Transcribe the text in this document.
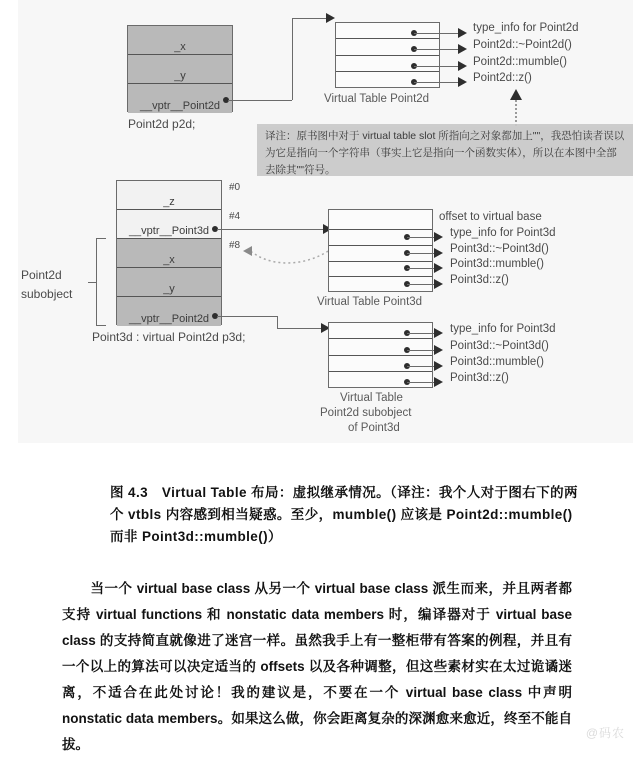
_x
_y
__vptr__Point2d
Point2d p2d;
type_info for Point2d
Point2d::~Point2d()
Point2d::mumble()
Point2d::z()
Virtual Table Point2d
译注：原书图中对于 virtual table slot 所指向之对象都加上""，我恐怕读者误以为它是指向一个字符串（事实上它是指向一个函数实体），所以在本图中全部去除其""符号。
_z
__vptr__Point3d
_x
_y
__vptr__Point2d
Point3d : virtual Point2d p3d;
#0
#4
#8
Point2d
subobject
offset to virtual base
type_info for Point3d
Point3d::~Point3d()
Point3d::mumble()
Point3d::z()
Virtual Table Point3d
type_info for Point3d
Point3d::~Point3d()
Point3d::mumble()
Point3d::z()
Virtual Table
Point2d subobject
of Point3d
图 4.3　Virtual Table 布局：虚拟继承情况。（译注：我个人对于图右下的两个 vtbls 内容感到相当疑惑。至少，mumble() 应该是 Point2d::mumble() 而非 Point3d::mumble()）
当一个 virtual base class 从另一个 virtual base class 派生而来，并且两者都支持 virtual functions 和 nonstatic data members 时，编译器对于 virtual base class 的支持简直就像进了迷宫一样。虽然我手上有一整柜带有答案的例程，并且有一个以上的算法可以决定适当的 offsets 以及各种调整，但这些素材实在太过诡谲迷离，不适合在此处讨论！我的建议是，不要在一个 virtual base class 中声明 nonstatic data members。如果这么做，你会距离复杂的深渊愈来愈近，终至不能自拔。
@码农
